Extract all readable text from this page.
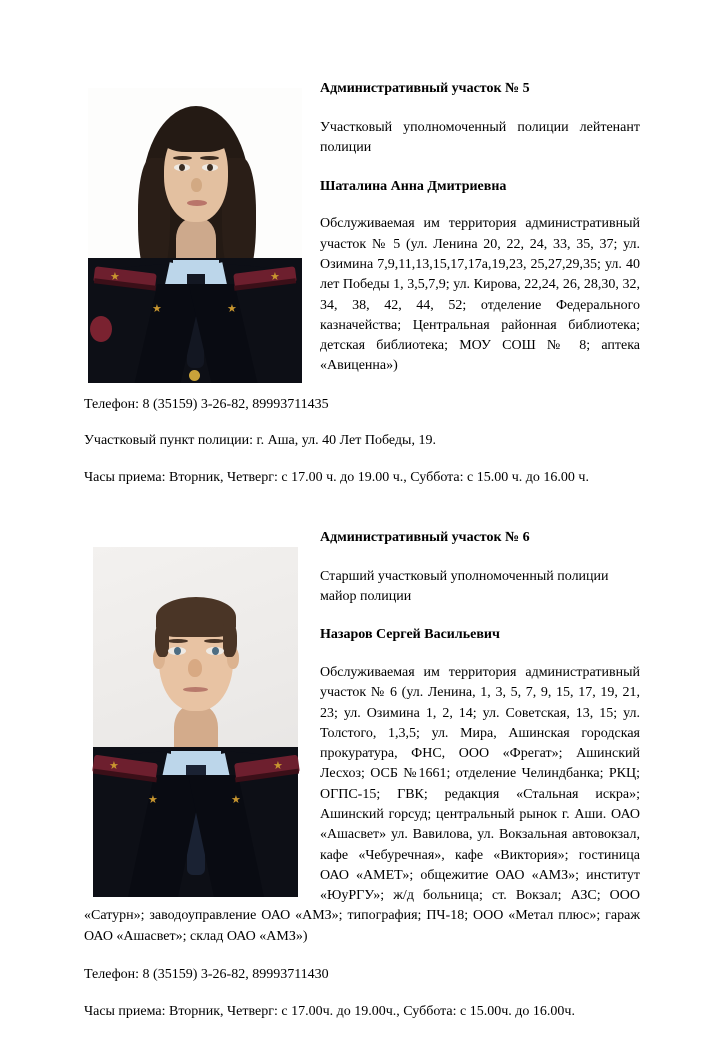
★	★
★	★
Административный участок № 5

Участковый уполномоченный полиции лейтенант полиции

Шаталина Анна Дмитриевна

Обслуживаемая им территория административный участок № 5 (ул. Ленина 20, 22, 24, 33, 35, 37; ул. Озимина 7,9,11,13,15,17,17а,19,23, 25,27,29,35; ул. 40 лет Победы 1, 3,5,7,9; ул. Кирова, 22,24, 26, 28,30, 32, 34, 38, 42, 44, 52; отделение Федерального казначейства; Центральная районная библиотека; детская библиотека; МОУ СОШ № 8; аптека «Авиценна»)

Телефон: 8 (35159) 3-26-82, 89993711435

Участковый пункт полиции: г. Аша, ул. 40 Лет Победы, 19.

Часы приема: Вторник, Четверг: с 17.00 ч. до 19.00 ч., Суббота: с 15.00 ч. до 16.00 ч.

★	★
★	★
Административный участок № 6

Старший участковый уполномоченный полиции майор полиции

Назаров Сергей Васильевич

Обслуживаемая им территория административный участок № 6 (ул. Ленина, 1, 3, 5, 7, 9, 15, 17, 19, 21, 23; ул. Озимина 1, 2, 14; ул. Советская, 13, 15; ул. Толстого, 1,3,5; ул. Мира, Ашинская городская прокуратура, ФНС, ООО «Фрегат»; Ашинский Лесхоз; ОСБ №1661; отделение Челиндбанка; РКЦ; ОГПС-15; ГВК; редакция «Стальная искра»; Ашинский горсуд; центральный рынок г. Аши. ОАО «Ашасвет» ул. Вавилова, ул. Вокзальная автовокзал, кафе «Чебуречная», кафе «Виктория»; гостиница ОАО «АМЕТ»; общежитие ОАО «АМЗ»; институт «ЮуРГУ»; ж/д больница; ст. Вокзал; АЗС; ООО «Сатурн»; заводоуправление ОАО «АМЗ»; типография; ПЧ-18; ООО «Метал плюс»; гараж ОАО «Ашасвет»; склад ОАО «АМЗ»)

Телефон: 8 (35159) 3-26-82, 89993711430

Часы приема: Вторник, Четверг: с 17.00ч. до 19.00ч., Суббота: с 15.00ч. до 16.00ч.
